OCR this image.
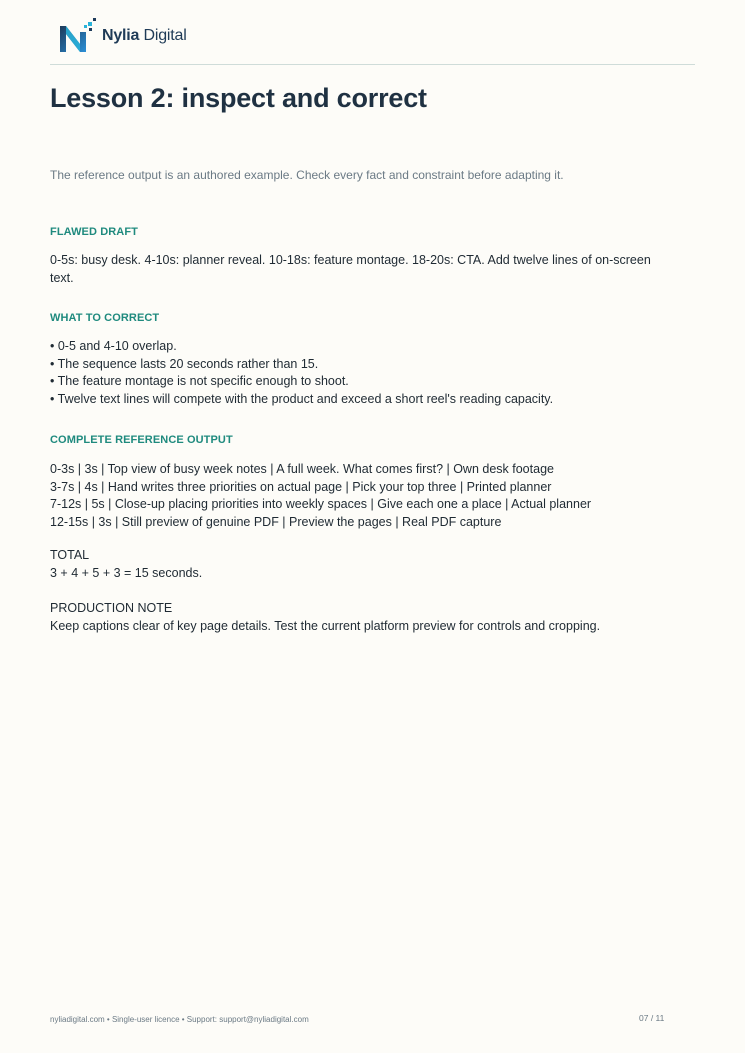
Nylia Digital
Lesson 2: inspect and correct

The reference output is an authored example. Check every fact and constraint before adapting it.

FLAWED DRAFT

0-5s: busy desk. 4-10s: planner reveal. 10-18s: feature montage. 18-20s: CTA. Add twelve lines of on-screen text.

WHAT TO CORRECT

• 0-5 and 4-10 overlap.
• The sequence lasts 20 seconds rather than 15.
• The feature montage is not specific enough to shoot.
• Twelve text lines will compete with the product and exceed a short reel's reading capacity.

COMPLETE REFERENCE OUTPUT

0-3s | 3s | Top view of busy week notes | A full week. What comes first? | Own desk footage
3-7s | 4s | Hand writes three priorities on actual page | Pick your top three | Printed planner
7-12s | 5s | Close-up placing priorities into weekly spaces | Give each one a place | Actual planner
12-15s | 3s | Still preview of genuine PDF | Preview the pages | Real PDF capture
TOTAL
3 + 4 + 5 + 3 = 15 seconds.
PRODUCTION NOTE
Keep captions clear of key page details. Test the current platform preview for controls and cropping.
nyliadigital.com • Single-user licence • Support: support@nyliadigital.com	07 / 11
